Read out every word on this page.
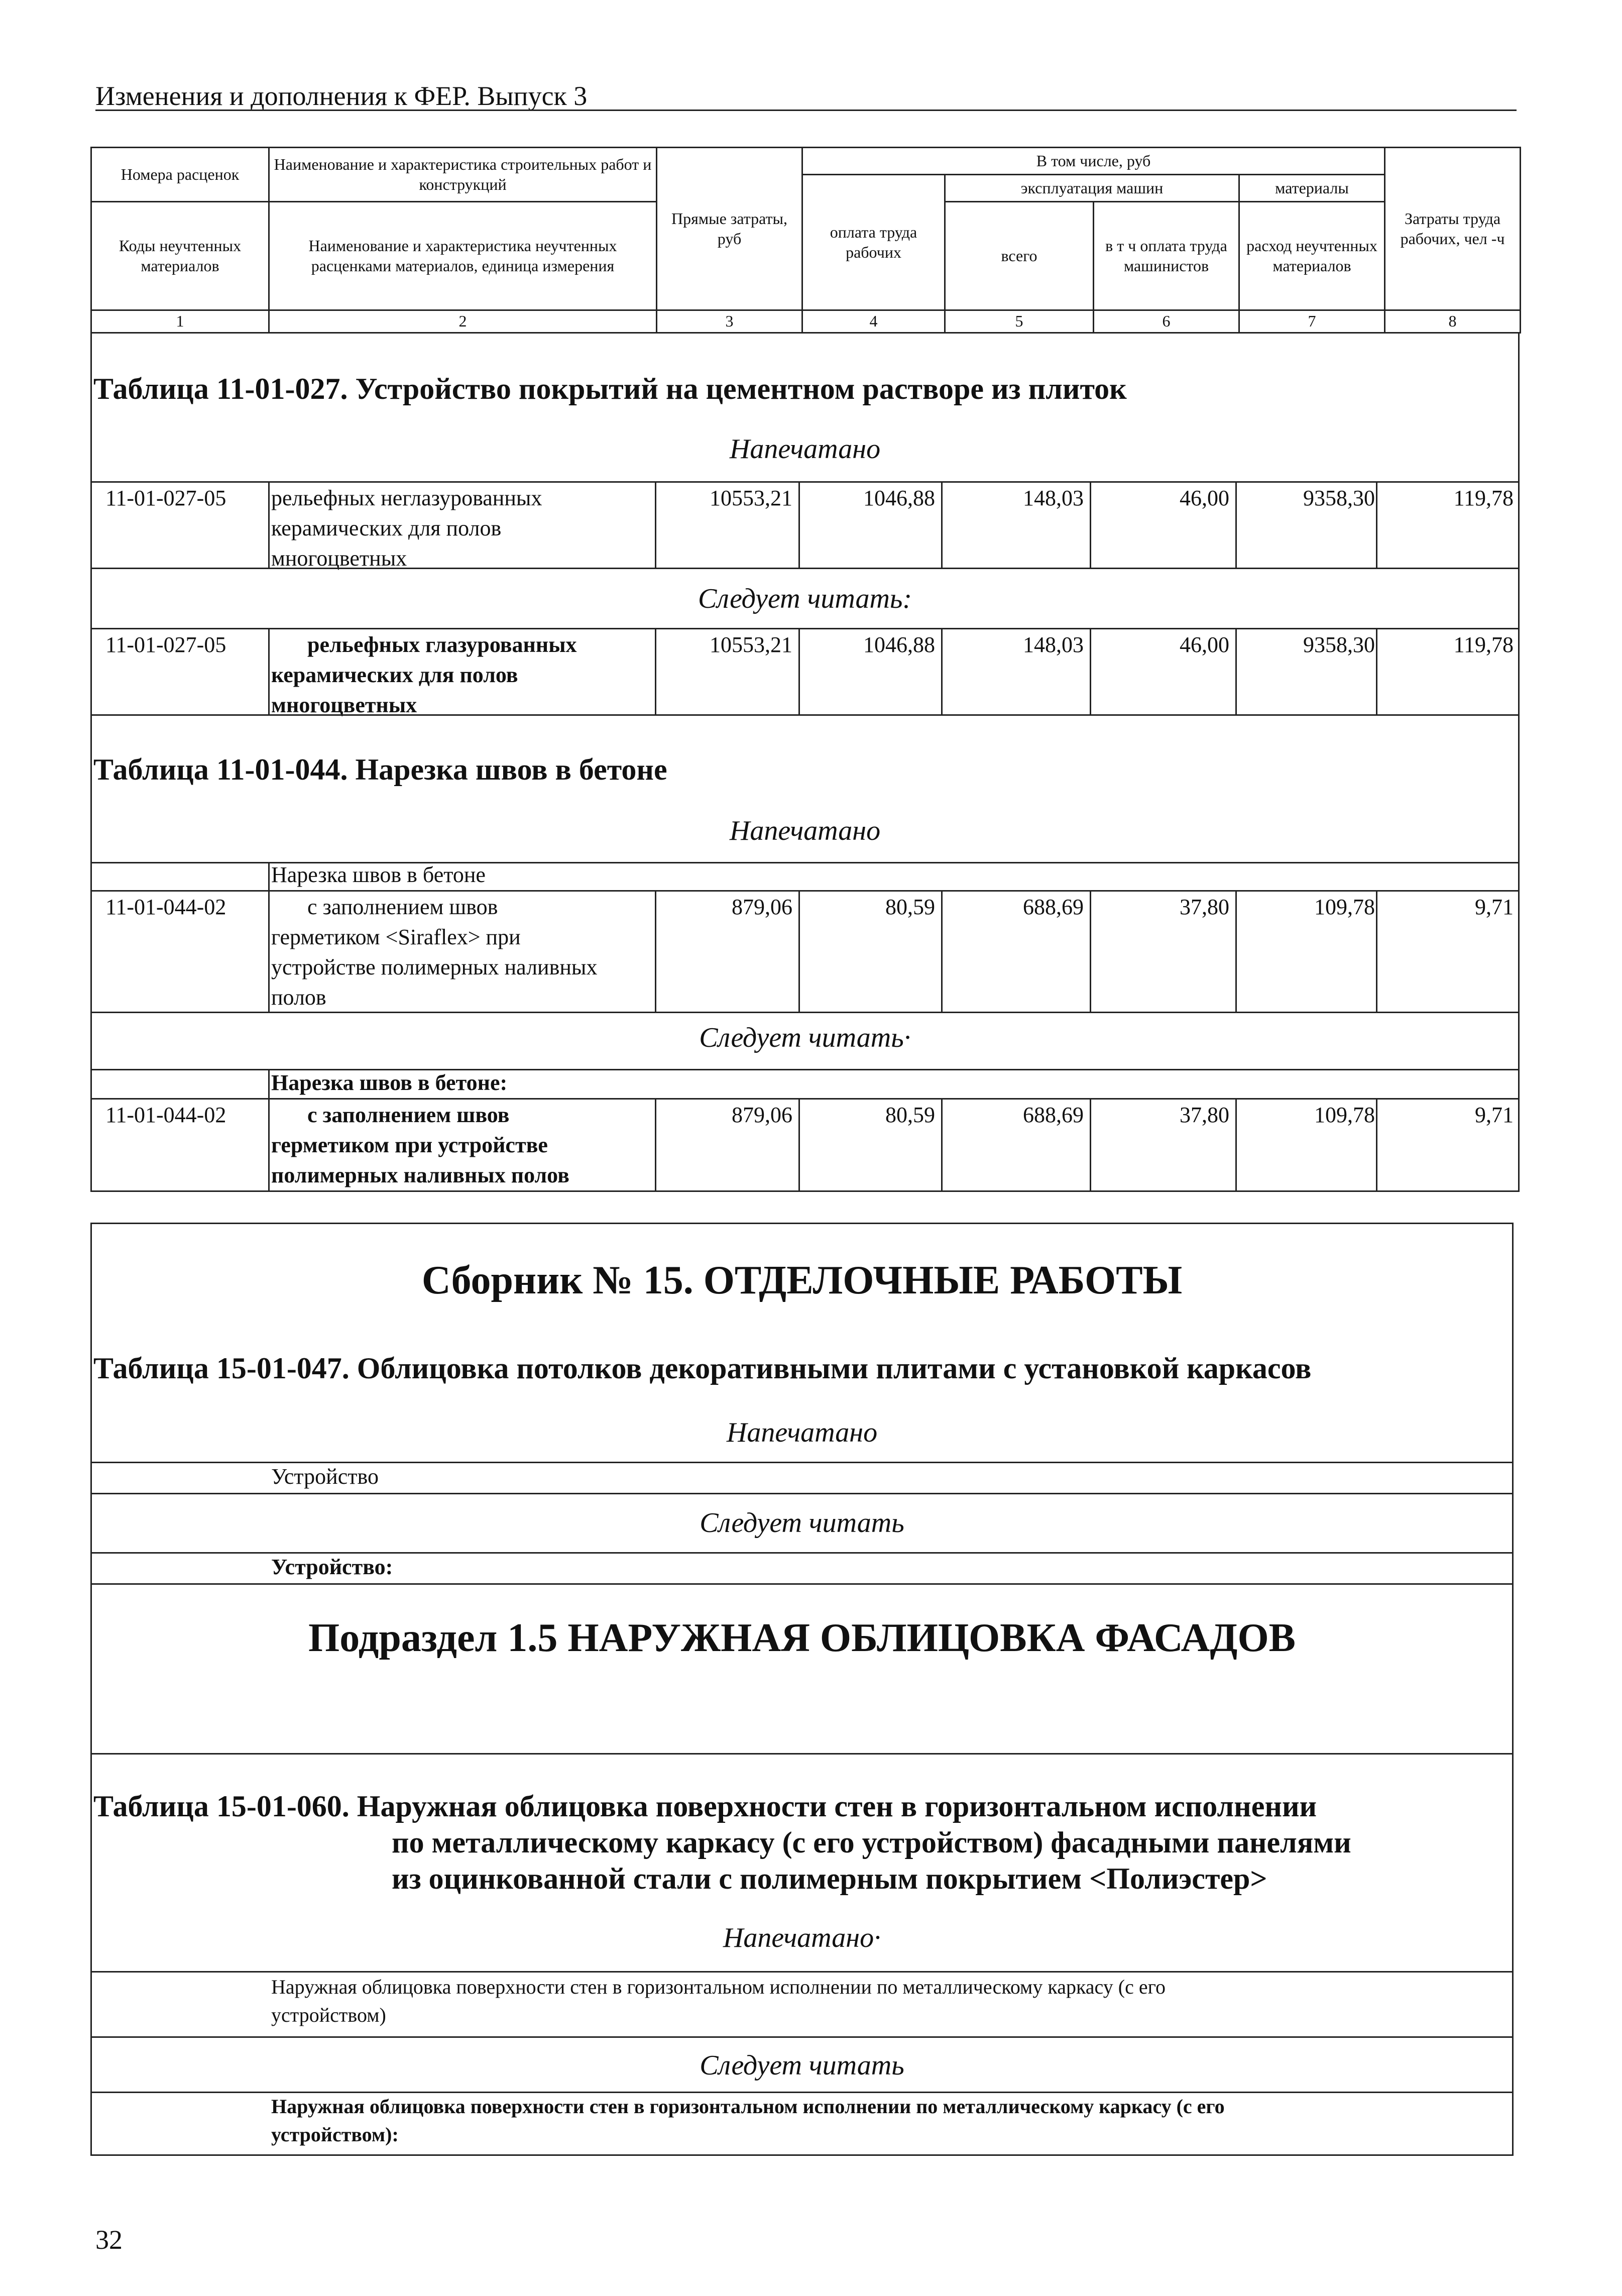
Изменения и дополнения к ФЕР. Выпуск 3
Номера расценок	Наименование и характеристика строительных работ и конструкций	Прямые затраты, руб	В том числе, руб				Затраты труда рабочих, чел -ч
			оплата труда рабочих	эксплуатация машин		материалы	
Коды неучтенных материалов	Наименование и характеристика неучтенных расценками материалов, единица измерения			всего	в т ч оплата труда машинистов	расход неучтенных материалов	

1	2	3	4	5	6	7	8
Таблица 11-01-027. Устройство покрытий на цементном растворе из плиток
Напечатано
11-01-027-05 рельефных неглазурованных
керамических для полов
многоцветных
10553,21	1046,88	148,03	46,00	9358,30	119,78
Следует читать:
11-01-027-05	рельефных глазурованных
керамических для полов
многоцветных
10553,21	1046,88	148,03	46,00	9358,30	119,78
Таблица 11-01-044. Нарезка швов в бетоне
Напечатано
Нарезка швов в бетоне
11-01-044-02	с заполнением швов
герметиком <Siraflex> при
устройстве полимерных наливных
полов
879,06	80,59	688,69	37,80	109,78	9,71
Следует читать·
Нарезка швов в бетоне:
11-01-044-02	с заполнением швов
герметиком при устройстве
полимерных наливных полов
879,06	80,59	688,69	37,80	109,78	9,71
Сборник № 15. ОТДЕЛОЧНЫЕ РАБОТЫ
Таблица 15-01-047. Облицовка потолков декоративными плитами с установкой каркасов
Напечатано
Устройство
Следует читать
Устройство:
Подраздел 1.5 НАРУЖНАЯ ОБЛИЦОВКА ФАСАДОВ
Таблица 15-01-060. Наружная облицовка поверхности стен в горизонтальном исполнении
по металлическому каркасу (с его устройством) фасадными панелями
из оцинкованной стали с полимерным покрытием <Полиэстер>
Напечатано·
Наружная облицовка поверхности стен в горизонтальном исполнении по металлическому каркасу (с его
устройством)
Следует читать
Наружная облицовка поверхности стен в горизонтальном исполнении по металлическому каркасу (с его
устройством):
32
